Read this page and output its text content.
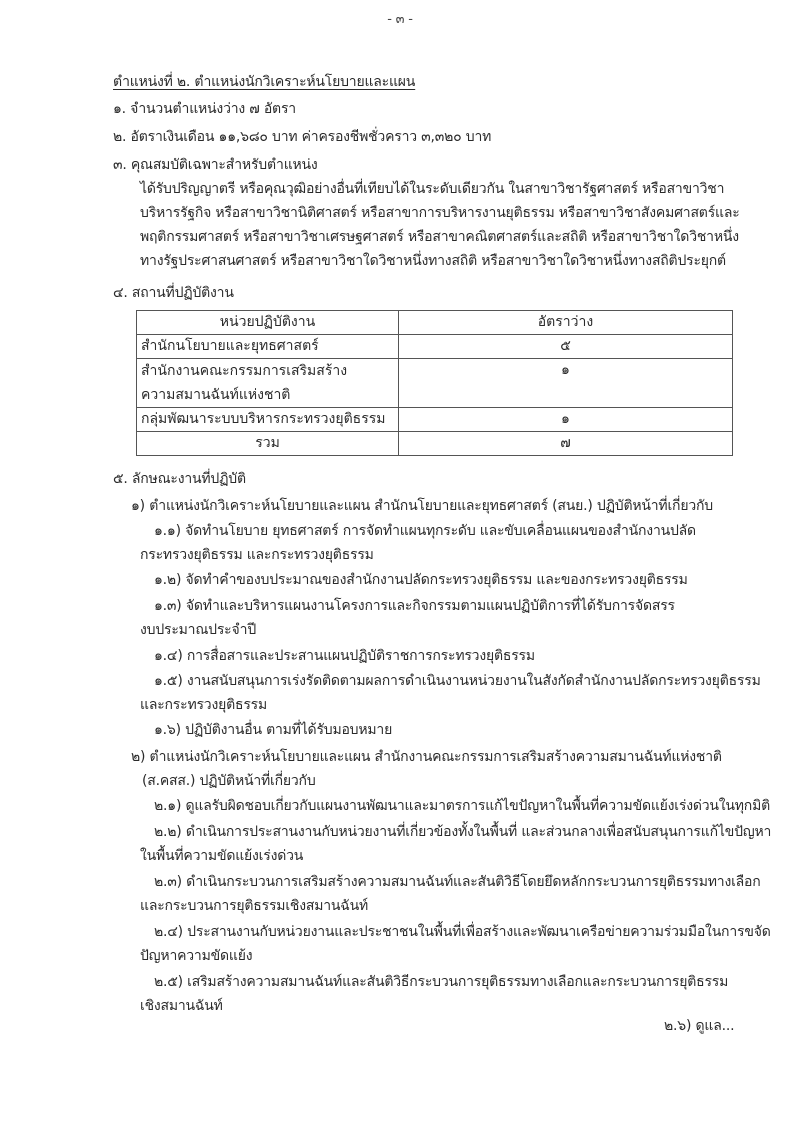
- ๓ -
ตำแหน่งที่ ๒. ตำแหน่งนักวิเคราะห์นโยบายและแผน
๑. จำนวนตำแหน่งว่าง ๗ อัตรา
๒. อัตราเงินเดือน ๑๑,๖๘๐ บาท ค่าครองชีพชั่วคราว ๓,๓๒๐ บาท
๓. คุณสมบัติเฉพาะสำหรับตำแหน่ง
ได้รับปริญญาตรี หรือคุณวุฒิอย่างอื่นที่เทียบได้ในระดับเดียวกัน ในสาขาวิชารัฐศาสตร์ หรือสาขาวิชา
บริหารรัฐกิจ หรือสาขาวิชานิติศาสตร์ หรือสาขาการบริหารงานยุติธรรม หรือสาขาวิชาสังคมศาสตร์และ
พฤติกรรมศาสตร์ หรือสาขาวิชาเศรษฐศาสตร์ หรือสาขาคณิตศาสตร์และสถิติ หรือสาขาวิชาใดวิชาหนึ่ง
ทางรัฐประศาสนศาสตร์ หรือสาขาวิชาใดวิชาหนึ่งทางสถิติ หรือสาขาวิชาใดวิชาหนึ่งทางสถิติประยุกต์
๔. สถานที่ปฏิบัติงาน
หน่วยปฏิบัติงาน	อัตราว่าง
สำนักนโยบายและยุทธศาสตร์	๕

สำนักงานคณะกรรมการเสริมสร้าง
ความสมานฉันท์แห่งชาติ	๑
กลุ่มพัฒนาระบบบริหารกระทรวงยุติธรรม	๑
รวม	๗
๕. ลักษณะงานที่ปฏิบัติ
๑) ตำแหน่งนักวิเคราะห์นโยบายและแผน สำนักนโยบายและยุทธศาสตร์ (สนย.) ปฏิบัติหน้าที่เกี่ยวกับ
๑.๑) จัดทำนโยบาย ยุทธศาสตร์ การจัดทำแผนทุกระดับ และขับเคลื่อนแผนของสำนักงานปลัด
กระทรวงยุติธรรม และกระทรวงยุติธรรม
๑.๒) จัดทำคำของบประมาณของสำนักงานปลัดกระทรวงยุติธรรม และของกระทรวงยุติธรรม
๑.๓) จัดทำและบริหารแผนงานโครงการและกิจกรรมตามแผนปฏิบัติการที่ได้รับการจัดสรร
งบประมาณประจำปี
๑.๔) การสื่อสารและประสานแผนปฏิบัติราชการกระทรวงยุติธรรม
๑.๕) งานสนับสนุนการเร่งรัดติดตามผลการดำเนินงานหน่วยงานในสังกัดสำนักงานปลัดกระทรวงยุติธรรม
และกระทรวงยุติธรรม
๑.๖) ปฏิบัติงานอื่น ตามที่ได้รับมอบหมาย
๒) ตำแหน่งนักวิเคราะห์นโยบายและแผน สำนักงานคณะกรรมการเสริมสร้างความสมานฉันท์แห่งชาติ
(ส.คสส.) ปฏิบัติหน้าที่เกี่ยวกับ
๒.๑) ดูแลรับผิดชอบเกี่ยวกับแผนงานพัฒนาและมาตรการแก้ไขปัญหาในพื้นที่ความขัดแย้งเร่งด่วนในทุกมิติ
๒.๒) ดำเนินการประสานงานกับหน่วยงานที่เกี่ยวข้องทั้งในพื้นที่ และส่วนกลางเพื่อสนับสนุนการแก้ไขปัญหา
ในพื้นที่ความขัดแย้งเร่งด่วน
๒.๓) ดำเนินกระบวนการเสริมสร้างความสมานฉันท์และสันติวิธีโดยยึดหลักกระบวนการยุติธรรมทางเลือก
และกระบวนการยุติธรรมเชิงสมานฉันท์
๒.๔) ประสานงานกับหน่วยงานและประชาชนในพื้นที่เพื่อสร้างและพัฒนาเครือข่ายความร่วมมือในการขจัด
ปัญหาความขัดแย้ง
๒.๕) เสริมสร้างความสมานฉันท์และสันติวิธีกระบวนการยุติธรรมทางเลือกและกระบวนการยุติธรรม
เชิงสมานฉันท์
๒.๖) ดูแล...
